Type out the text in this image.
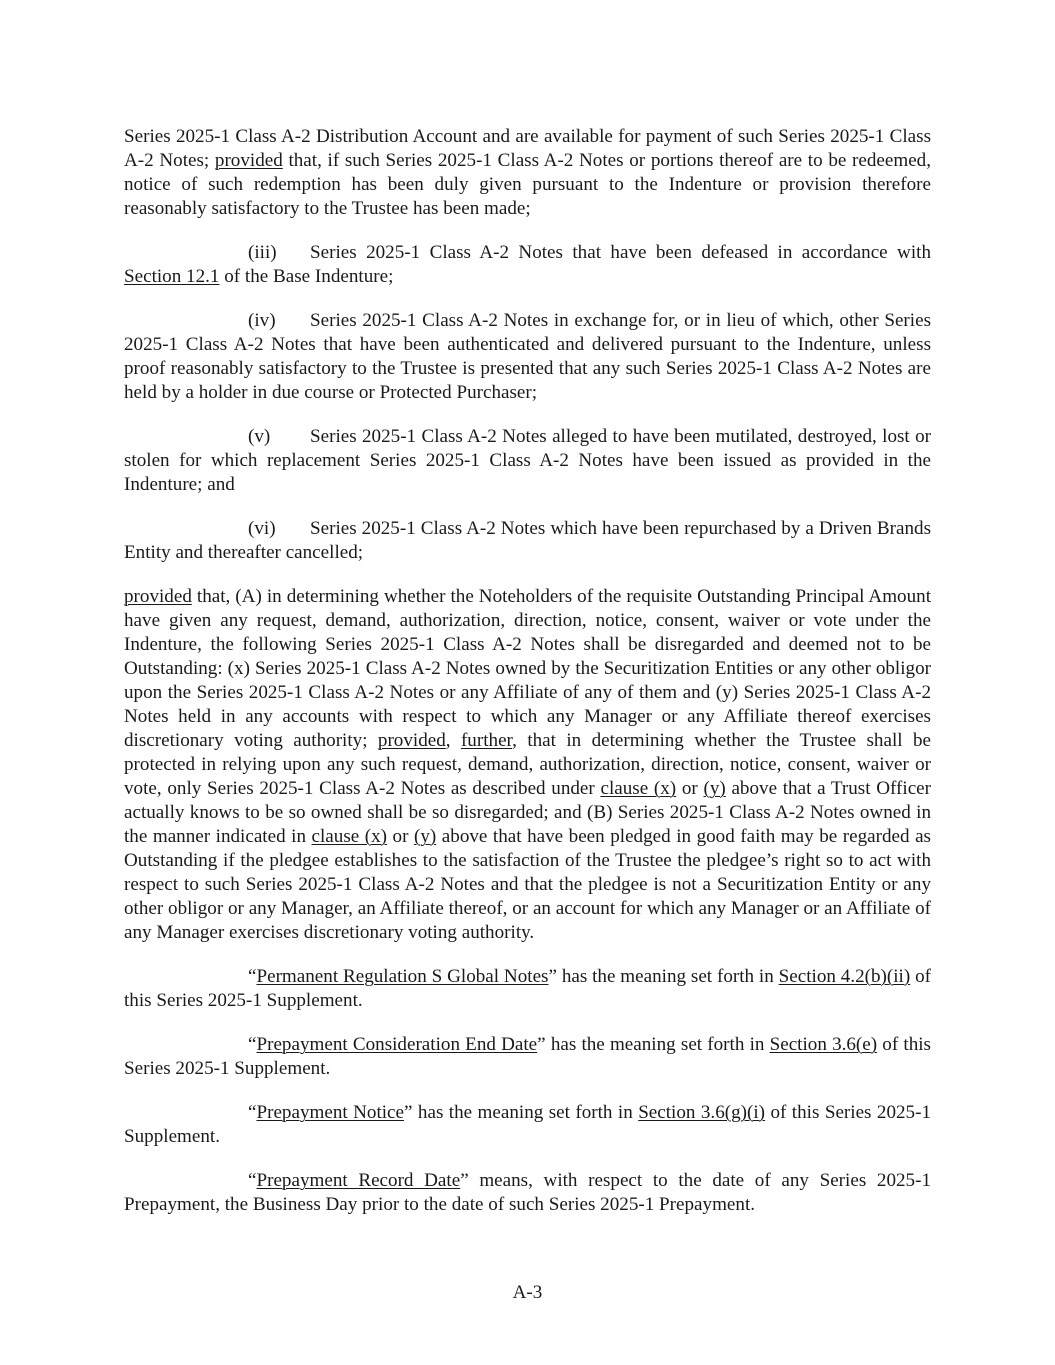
Series 2025-1 Class A-2 Distribution Account and are available for payment of such Series 2025-1 Class A-2 Notes; provided that, if such Series 2025-1 Class A-2 Notes or portions thereof are to be redeemed, notice of such redemption has been duly given pursuant to the Indenture or provision therefore reasonably satisfactory to the Trustee has been made;

(iii) Series 2025-1 Class A-2 Notes that have been defeased in accordance with Section 12.1 of the Base Indenture;

(iv) Series 2025-1 Class A-2 Notes in exchange for, or in lieu of which, other Series 2025-1 Class A-2 Notes that have been authenticated and delivered pursuant to the Indenture, unless proof reasonably satisfactory to the Trustee is presented that any such Series 2025-1 Class A-2 Notes are held by a holder in due course or Protected Purchaser;

(v) Series 2025-1 Class A-2 Notes alleged to have been mutilated, destroyed, lost or stolen for which replacement Series 2025-1 Class A-2 Notes have been issued as provided in the Indenture; and

(vi) Series 2025-1 Class A-2 Notes which have been repurchased by a Driven Brands Entity and thereafter cancelled;

provided that, (A) in determining whether the Noteholders of the requisite Outstanding Principal Amount have given any request, demand, authorization, direction, notice, consent, waiver or vote under the Indenture, the following Series 2025-1 Class A-2 Notes shall be disregarded and deemed not to be Outstanding: (x) Series 2025-1 Class A-2 Notes owned by the Securitization Entities or any other obligor upon the Series 2025-1 Class A-2 Notes or any Affiliate of any of them and (y) Series 2025-1 Class A-2 Notes held in any accounts with respect to which any Manager or any Affiliate thereof exercises discretionary voting authority; provided, further, that in determining whether the Trustee shall be protected in relying upon any such request, demand, authorization, direction, notice, consent, waiver or vote, only Series 2025-1 Class A-2 Notes as described under clause (x) or (y) above that a Trust Officer actually knows to be so owned shall be so disregarded; and (B) Series 2025-1 Class A-2 Notes owned in the manner indicated in clause (x) or (y) above that have been pledged in good faith may be regarded as Outstanding if the pledgee establishes to the satisfaction of the Trustee the pledgee’s right so to act with respect to such Series 2025-1 Class A-2 Notes and that the pledgee is not a Securitization Entity or any other obligor or any Manager, an Affiliate thereof, or an account for which any Manager or an Affiliate of any Manager exercises discretionary voting authority.

“Permanent Regulation S Global Notes” has the meaning set forth in Section 4.2(b)(ii) of this Series 2025-1 Supplement.

“Prepayment Consideration End Date” has the meaning set forth in Section 3.6(e) of this Series 2025-1 Supplement.

“Prepayment Notice” has the meaning set forth in Section 3.6(g)(i) of this Series 2025-1 Supplement.

“Prepayment Record Date” means, with respect to the date of any Series 2025-1 Prepayment, the Business Day prior to the date of such Series 2025-1 Prepayment.

A-3
